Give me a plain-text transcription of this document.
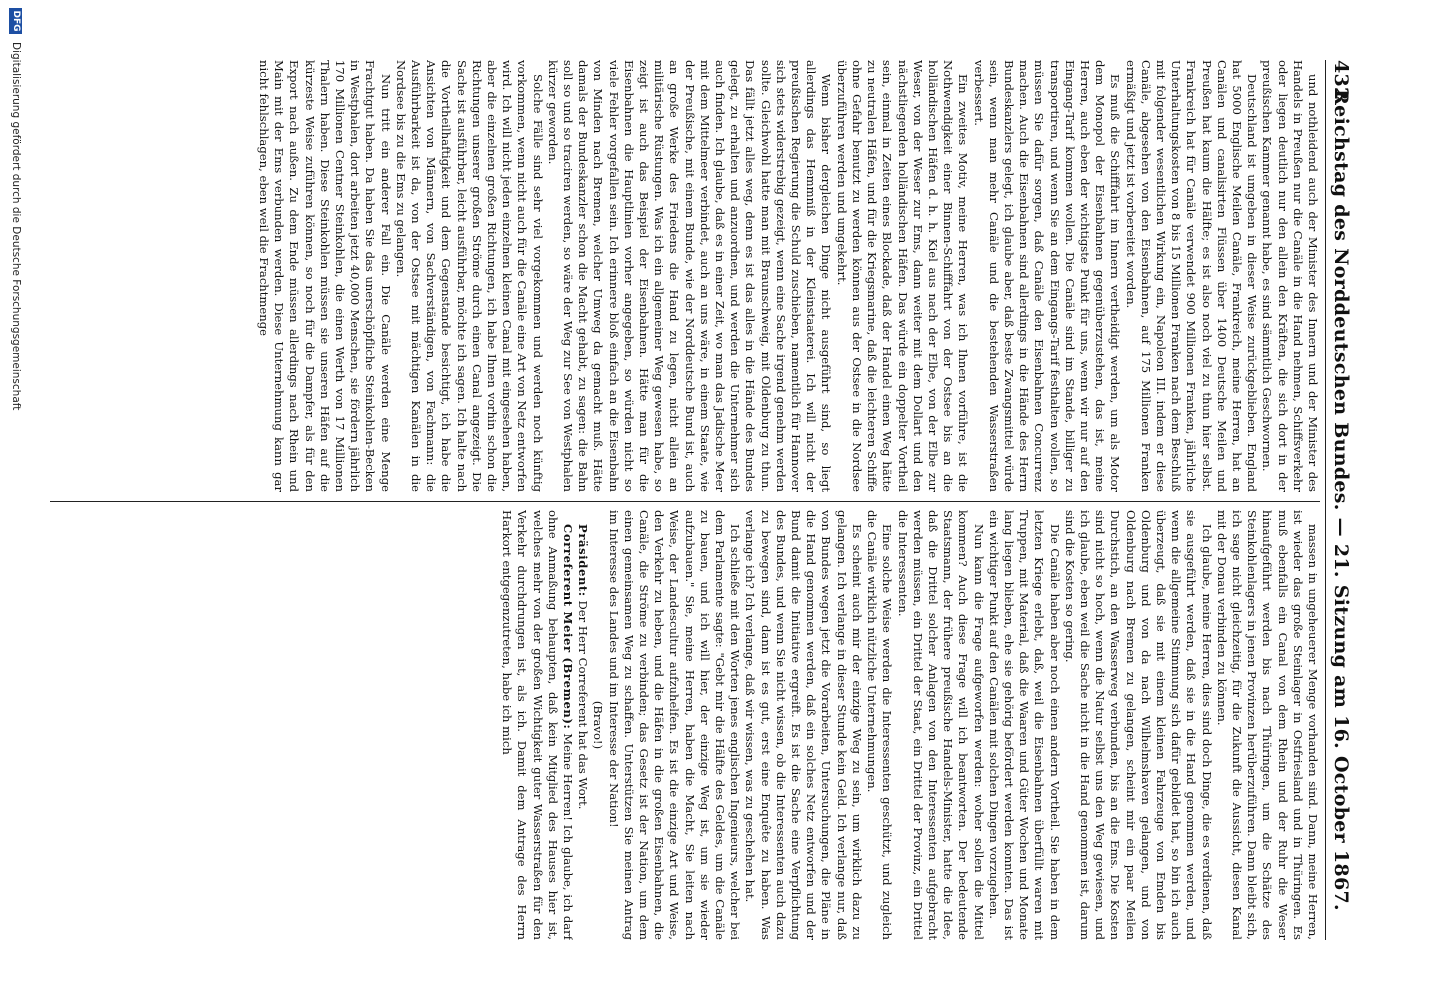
432
Reichstag des Norddeutschen Bundes. — 21. Sitzung am 16. October 1867.

und nothleidend auch der Minister des Innern und der Minister des Handels in Preußen nur die Canäle in die Hand nehmen, Schiffsverkehr oder liegen deutlich nur den allein den Kräften, die sich dort in der preußischen Kammer genannt habe, es sind sämmtlich Geschwornen.

Deutschland ist umgeben in dieser Weise zurückgeblieben. England hat 5000 Englische Meilen Canäle, Frankreich, meine Herren, hat an Canälen und canalisirten Flüssen über 1400 Deutsche Meilen und Preußen hat kaum die Hälfte; es ist also noch viel zu thun hier selbst. Frankreich hat für Canäle verwendet 900 Millionen Franken, jährliche Unterhaltungskosten von 8 bis 15 Millionen Franken nach dem Beschluß mit folgender wesentlichen Wirkung ein, Napoleon III. indem er diese Canäle, abgesehen von den Eisenbahnen, auf 175 Millionen Franken ermäßigt und jetzt ist vorbereitet worden.

Es muß die Schifffahrt im Innern vertheidigt werden, um als Motor dem Monopol der Eisenbahnen gegenüberzustehen, das ist, meine Herren, auch eben der wichtigste Punkt für uns, wenn wir nur auf den Eingang-Tarif kommen wollen. Die Canäle sind im Stande, billiger zu transportiren, und wenn Sie an dem Eingangs-Tarif festhalten wollen, so müssen Sie dafür sorgen, daß Canäle den Eisenbahnen Concurrenz machen. Auch die Eisenbahnen sind allerdings in die Hände des Herrn Bundeskanzlers gelegt, ich glaube aber, daß beste Zwangsmittel würde sein, wenn man mehr Canäle und die bestehenden Wasserstraßen verbessert.

Ein zweites Motiv, meine Herren, was ich Ihnen vorführe, ist die Nothwendigkeit einer Binnen-Schifffahrt von der Ostsee bis an die holländischen Häfen d. h. h. Kiel aus nach der Elbe, von der Elbe zur Weser, von der Weser zur Ems, dann weiter mit dem Dollart und den nächstliegenden holländischen Häfen. Das würde ein doppelter Vortheil sein, einmal in Zeiten eines Blockade, daß der Handel einen Weg hätte zu neutralen Häfen, und für die Kriegsmarine, daß die leichteren Schiffe ohne Gefahr benutzt zu werden können aus der Ostsee in die Nordsee überzuführen werden und umgekehrt.

Wenn bisher dergleichen Dinge nicht ausgeführt sind, so liegt allerdings das Hemmniß in der Kleinstaaterei. Ich will nicht der preußischen Regierung die Schuld zuschieben, namentlich für Hannover sich stets widerstrebig gezeigt, wenn eine Sache irgend genehm werden sollte. Gleichwohl hatte man mit Braunschweig, mit Oldenburg zu thun. Das fällt jetzt alles weg, denn es ist das alles in die Hände des Bundes gelegt, zu erhalten und anzuordnen, und werden die Unternehmer sich auch finden. Ich glaube, daß es in einer Zeit, wo man das Jadische Meer mit dem Mittelmeer verbindet, auch an uns wäre, in einem Staate, wie der Preußische, mit einem Bunde, wie der Norddeutsche Bund ist, auch an große Werke des Friedens die Hand zu legen, nicht allein an militärische Rüstungen. Was ich ein allgemeiner Weg gewesen habe, so zeigt ist auch das Beispiel der Eisenbahnen. Hätte man für die Eisenbahnen die Hauptlinien vorher angegeben, so würden nicht so viele Fehler vorgefallen sein. Ich erinnere bloß einfach an die Eisenbahn von Minden nach Bremen, welcher Umweg da gemacht muß. Hätte damals der Bundeskanzler schon die Macht gehabt, zu sagen: die Bahn soll so und so traciren werden, so wäre der Weg zur See von Westphalen kürzer geworden.

Solche Fälle sind sehr viel vorgekommen und werden noch künftig vorkommen, wenn nicht auch für die Canäle eine Art von Netz entworfen wird. Ich will nicht jeden einzelnen kleinen Canal mit eingesehen haben, aber die einzelnen großen Richtungen, ich habe Ihnen vorhin schon die Richtungen unserer großen Ströme durch einen Canal angezeigt. Die Sache ist ausführbar, leicht ausführbar, möchte ich sagen. Ich halte nach die Vortheilhaftigkeit und dem Gegenstande besichtigt, ich habe die Ansichten von Männern, von Sachverständigen, von Fachmann: die Ausführbarkeit ist da, von der Ostsee mit mächtigen Kanälen in die Nordsee bis zu die Ems zu gelangen.

Nun tritt ein anderer Fall ein. Die Canäle werden eine Menge Frachtgut haben. Da haben Sie das unerschöpfliche Steinkohlen-Becken in Westphalen, dort arbeiten jetzt 40,000 Menschen, sie fördern jährlich 170 Millionen Centner Steinkohlen, die einen Werth von 17 Millionen Thalern haben. Diese Steinkohlen müssen sie unseren Häfen auf die kürzeste Weise zuführen können, so noch für die Dampfer, als für den Export nach außen. Zu dem Ende müssen allerdings nach Rhein und Main mit der Ems verbunden werden. Diese Unternehmung kann gar nicht fehlschlagen, eben weil die Frachtmenge

massen in ungeheuerer Menge vorhanden sind. Dann, meine Herren, ist wieder das große Steinlager in Ostfriesland und in Thüringen. Es muß ebenfalls ein Canal von dem Rhein und der Ruhr die Weser hinaufgeführt werden bis nach Thüringen, um die Schätze des Steinkohlenlagers in jenen Provinzen herüberzuführen. Dann bleibt sich, ich sage nicht gleichzeitig, für die Zukunft die Aussicht, diesen Kanal mit der Donau verbinden zu können.

Ich glaube, meine Herren, dies sind doch Dinge, die es verdienen, daß sie ausgeführt werden, daß sie in die Hand genommen werden, und wenn die allgemeine Stimmung sich dafür gebildet hat, so bin ich auch überzeugt, daß sie mit einem kleinen Fahrzeuge von Emden bis Oldenburg und von da nach Wilhelmshaven gelangen, und von Oldenburg nach Bremen zu gelangen, scheint mir ein paar Meilen Durchstich, an den Wasserweg verbunden, bis an die Ems. Die Kosten sind nicht so hoch, wenn die Natur selbst uns den Weg gewiesen, und ich glaube, eben weil die Sache nicht in die Hand genommen ist, darum sind die Kosten so gering.

Die Canäle haben aber noch einen andern Vortheil. Sie haben in dem letzten Kriege erlebt, daß, weil die Eisenbahnen überfüllt waren mit Truppen, mit Material, daß die Waaren und Güter Wochen und Monate lang liegen blieben, ehe sie gehörig befördert werden konnten. Das ist ein wichtiger Punkt auf den Canälen mit solchen Dingen vorzugehen.

Nun kann die Frage aufgeworfen werden: woher sollen die Mittel kommen? Auch diese Frage will ich beantworten. Der bedeutende Staatsmann, der frühere preußische Handels-Minister, hatte die Idee, daß die Drittel solcher Anlagen von den Interessenten aufgebracht werden müssen, ein Drittel der Staat, ein Drittel der Provinz, ein Drittel die Interessenten.

Eine solche Weise werden die Interessenten geschützt, und zugleich die Canäle wirklich nützliche Unternehmungen.

Es scheint auch mir der einzige Weg zu sein, um wirklich dazu zu gelangen. Ich verlange in dieser Stunde kein Geld. Ich verlange nur, daß von Bundes wegen jetzt die Vorarbeiten, Untersuchungen, die Pläne in die Hand genommen werden, daß ein solches Netz entworfen und der Bund damit die Initiative ergreift. Es ist die Sache eine Verpflichtung des Bundes, und wenn Sie nicht wissen, ob die Interessenten auch dazu zu bewegen sind, dann ist es gut, erst eine Enquête zu haben. Was verlange ich? Ich verlange, daß wir wissen, was zu geschehen hat.

Ich schließe mit den Worten jenes englischen Ingenieurs, welcher bei dem Parlamente sagte: "Gebt mir die Hälfte des Geldes, um die Canäle zu bauen, und ich will hier, der einzige Weg ist, um sie wieder aufzubauen." Sie, meine Herren, haben die Macht, Sie leiten nach Weise, der Landescultur aufzuhelfen. Es ist die einzige Art und Weise, den Verkehr zu heben, und die Häfen in die großen Eisenbahnen, die Canäle, die Ströme zu verbinden; das Gesetz ist der Nation, um dem einen gemeinsamen Weg zu schaffen. Unterstützen Sie meinen Antrag im Interesse des Landes und im Interesse der Nation!

(Bravo!)

Präsident: Der Herr Correferent hat das Wort.

Correferent Meier (Bremen): Meine Herren! Ich glaube, ich darf ohne Anmaßung behaupten, daß kein Mitglied des Hauses hier ist, welches mehr von der großen Wichtigkeit guter Wasserstraßen für den Verkehr durchdrungen ist, als ich. Damit dem Antrage des Herrn Harkort entgegenzutreten, habe ich mich

DFG
Digitalisierung gefördert durch die Deutsche Forschungsgemeinschaft
